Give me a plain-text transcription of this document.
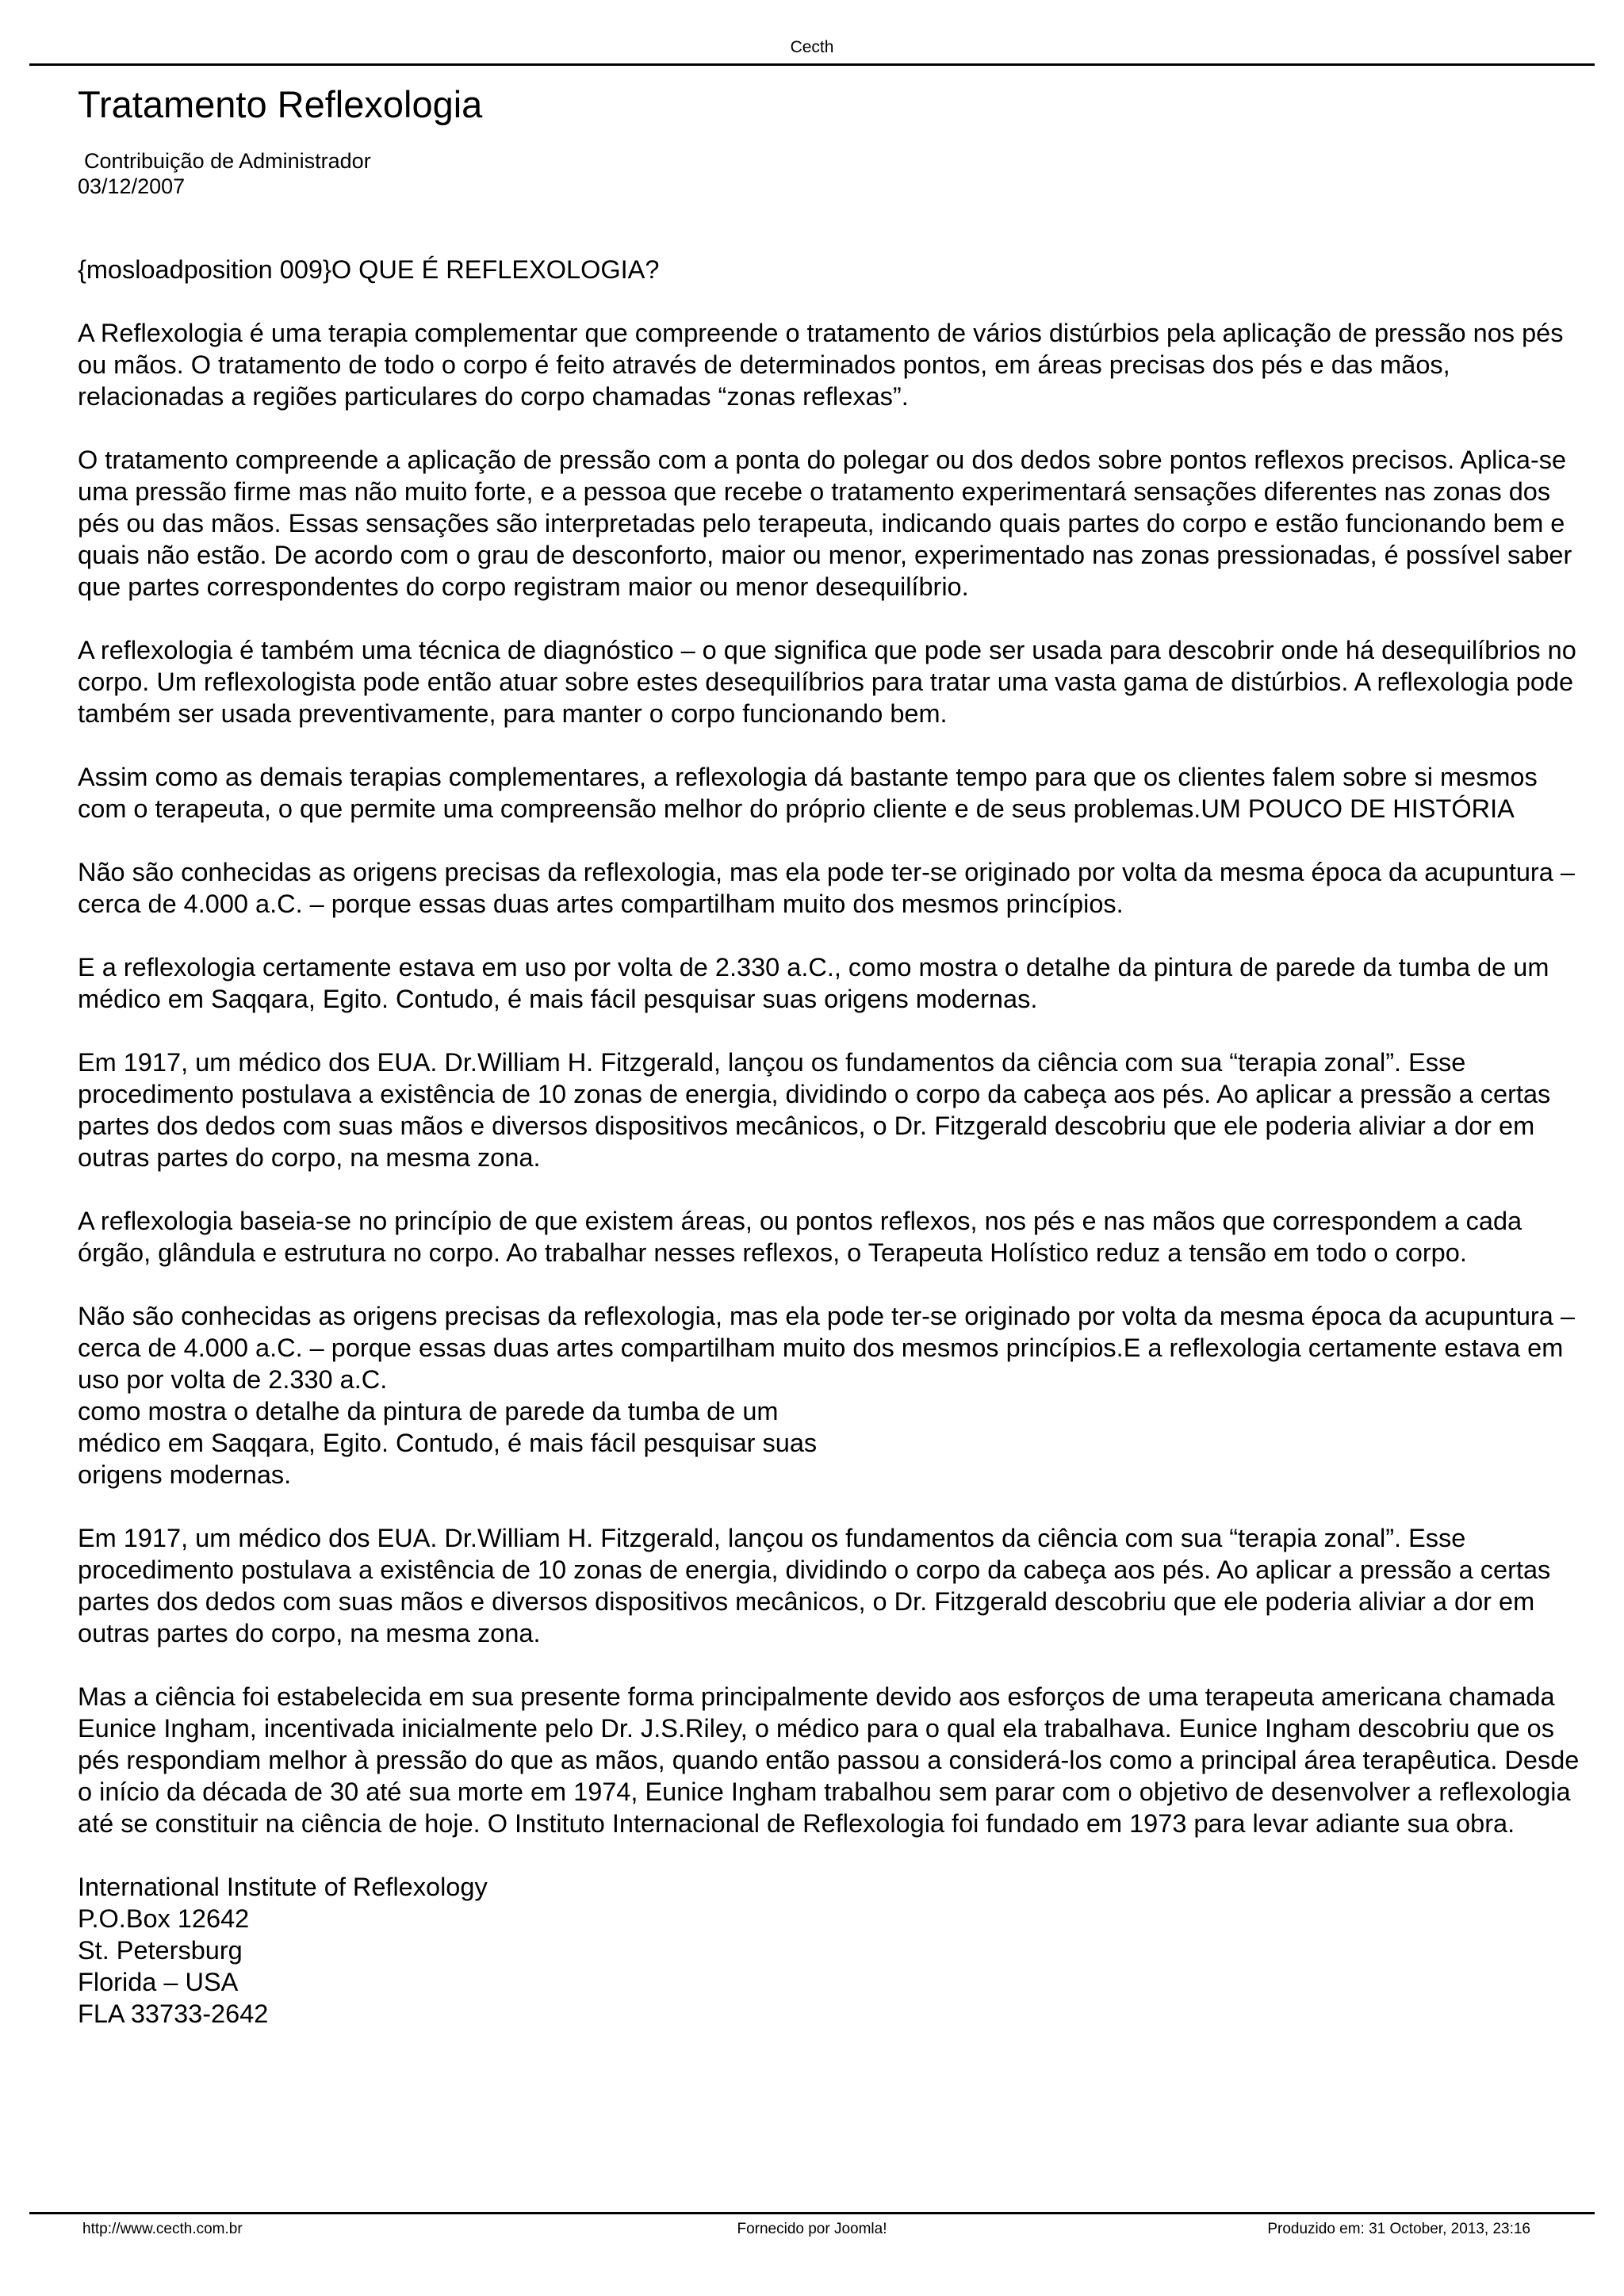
Cecth
Tratamento Reflexologia
Contribuição de Administrador
03/12/2007

{mosloadposition 009}O QUE É REFLEXOLOGIA?

A Reflexologia é uma terapia complementar que compreende o tratamento de vários distúrbios pela aplicação de pressão nos pés ou mãos. O tratamento de todo o corpo é feito através de determinados pontos, em áreas precisas dos pés e das mãos, relacionadas a regiões particulares do corpo chamadas “zonas reflexas”.

O tratamento compreende a aplicação de pressão com a ponta do polegar ou dos dedos sobre pontos reflexos precisos. Aplica-se uma pressão firme mas não muito forte, e a pessoa que recebe o tratamento experimentará sensações diferentes nas zonas dos pés ou das mãos. Essas sensações são interpretadas pelo terapeuta, indicando quais partes do corpo e estão funcionando bem e quais não estão. De acordo com o grau de desconforto, maior ou menor, experimentado nas zonas pressionadas, é possível saber que partes correspondentes do corpo registram maior ou menor desequilíbrio.

A reflexologia é também uma técnica de diagnóstico – o que significa que pode ser usada para descobrir onde há desequilíbrios no corpo. Um reflexologista pode então atuar sobre estes desequilíbrios para tratar uma vasta gama de distúrbios. A reflexologia pode também ser usada preventivamente, para manter o corpo funcionando bem.

Assim como as demais terapias complementares, a reflexologia dá bastante tempo para que os clientes falem sobre si mesmos com o terapeuta, o que permite uma compreensão melhor do próprio cliente e de seus problemas.UM POUCO DE HISTÓRIA

Não são conhecidas as origens precisas da reflexologia, mas ela pode ter-se originado por volta da mesma época da acupuntura – cerca de 4.000 a.C. – porque essas duas artes compartilham muito dos mesmos princípios.

E a reflexologia certamente estava em uso por volta de 2.330 a.C., como mostra o detalhe da pintura de parede da tumba de um médico em Saqqara, Egito. Contudo, é mais fácil pesquisar suas origens modernas.

Em 1917, um médico dos EUA. Dr.William H. Fitzgerald, lançou os fundamentos da ciência com sua “terapia zonal”. Esse procedimento postulava a existência de 10 zonas de energia, dividindo o corpo da cabeça aos pés. Ao aplicar a pressão a certas partes dos dedos com suas mãos e diversos dispositivos mecânicos, o Dr. Fitzgerald descobriu que ele poderia aliviar a dor em outras partes do corpo, na mesma zona.

A reflexologia baseia-se no princípio de que existem áreas, ou pontos reflexos, nos pés e nas mãos que correspondem a cada órgão, glândula e estrutura no corpo. Ao trabalhar nesses reflexos, o Terapeuta Holístico reduz a tensão em todo o corpo.

Não são conhecidas as origens precisas da reflexologia, mas ela pode ter-se originado por volta da mesma época da acupuntura – cerca de 4.000 a.C. – porque essas duas artes compartilham muito dos mesmos princípios.E a reflexologia certamente estava em uso por volta de 2.330 a.C.
como mostra o detalhe da pintura de parede da tumba de um
médico em Saqqara, Egito. Contudo, é mais fácil pesquisar suas
origens modernas.

Em 1917, um médico dos EUA. Dr.William H. Fitzgerald, lançou os fundamentos da ciência com sua “terapia zonal”. Esse procedimento postulava a existência de 10 zonas de energia, dividindo o corpo da cabeça aos pés. Ao aplicar a pressão a certas partes dos dedos com suas mãos e diversos dispositivos mecânicos, o Dr. Fitzgerald descobriu que ele poderia aliviar a dor em outras partes do corpo, na mesma zona.

Mas a ciência foi estabelecida em sua presente forma principalmente devido aos esforços de uma terapeuta americana chamada Eunice Ingham, incentivada inicialmente pelo Dr. J.S.Riley, o médico para o qual ela trabalhava. Eunice Ingham descobriu que os pés respondiam melhor à pressão do que as mãos, quando então passou a considerá-los como a principal área terapêutica. Desde o início da década de 30 até sua morte em 1974, Eunice Ingham trabalhou sem parar com o objetivo de desenvolver a reflexologia até se constituir na ciência de hoje. O Instituto Internacional de Reflexologia foi fundado em 1973 para levar adiante sua obra.

International Institute of Reflexology
P.O.Box 12642
St. Petersburg
Florida – USA
FLA 33733-2642

http://www.cecth.com.br	Fornecido por Joomla!	Produzido em: 31 October, 2013, 23:16
